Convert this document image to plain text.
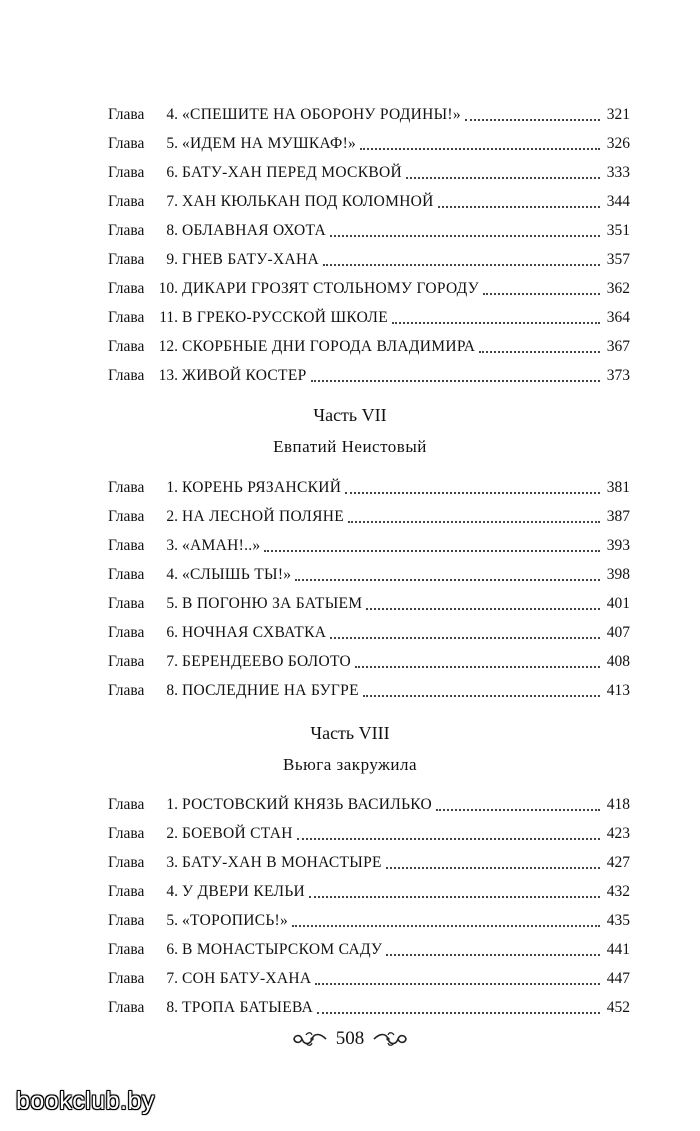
Глава	4. «СПЕШИТЕ НА ОБОРОНУ РОДИНЫ!»	321
Глава	5. «ИДЕМ НА МУШКАФ!»	326
Глава	6. БАТУ-ХАН ПЕРЕД МОСКВОЙ	333
Глава	7. ХАН КЮЛЬКАН ПОД КОЛОМНОЙ	344
Глава	8. ОБЛАВНАЯ ОХОТА	351
Глава	9. ГНЕВ БАТУ-ХАНА	357
Глава 10. ДИКАРИ ГРОЗЯТ СТОЛЬНОМУ ГОРОДУ	362
Глава 11. В ГРЕКО-РУССКОЙ ШКОЛЕ	364
Глава 12. СКОРБНЫЕ ДНИ ГОРОДА ВЛАДИМИРА	367
Глава 13. ЖИВОЙ КОСТЕР	373
Часть VII
Евпатий Неистовый
Глава	1. КОРЕНЬ РЯЗАНСКИЙ	381
Глава	2. НА ЛЕСНОЙ ПОЛЯНЕ	387
Глава	3. «АМАН!..»	393
Глава	4. «СЛЫШЬ ТЫ!»	398
Глава	5. В ПОГОНЮ ЗА БАТЫЕМ	401
Глава	6. НОЧНАЯ СХВАТКА	407
Глава	7. БЕРЕНДЕЕВО БОЛОТО	408
Глава	8. ПОСЛЕДНИЕ НА БУГРЕ	413
Часть VIII
Вьюга закружила
Глава	1. РОСТОВСКИЙ КНЯЗЬ ВАСИЛЬКО	418
Глава	2. БОЕВОЙ СТАН	423
Глава	3. БАТУ-ХАН В МОНАСТЫРЕ	427
Глава	4. У ДВЕРИ КЕЛЬИ	432
Глава	5. «ТОРОПИСЬ!»	435
Глава	6. В МОНАСТЫРСКОМ САДУ	441
Глава	7. СОН БАТУ-ХАНА	447
Глава	8. ТРОПА БАТЫЕВА	452
508
bookclub.by
